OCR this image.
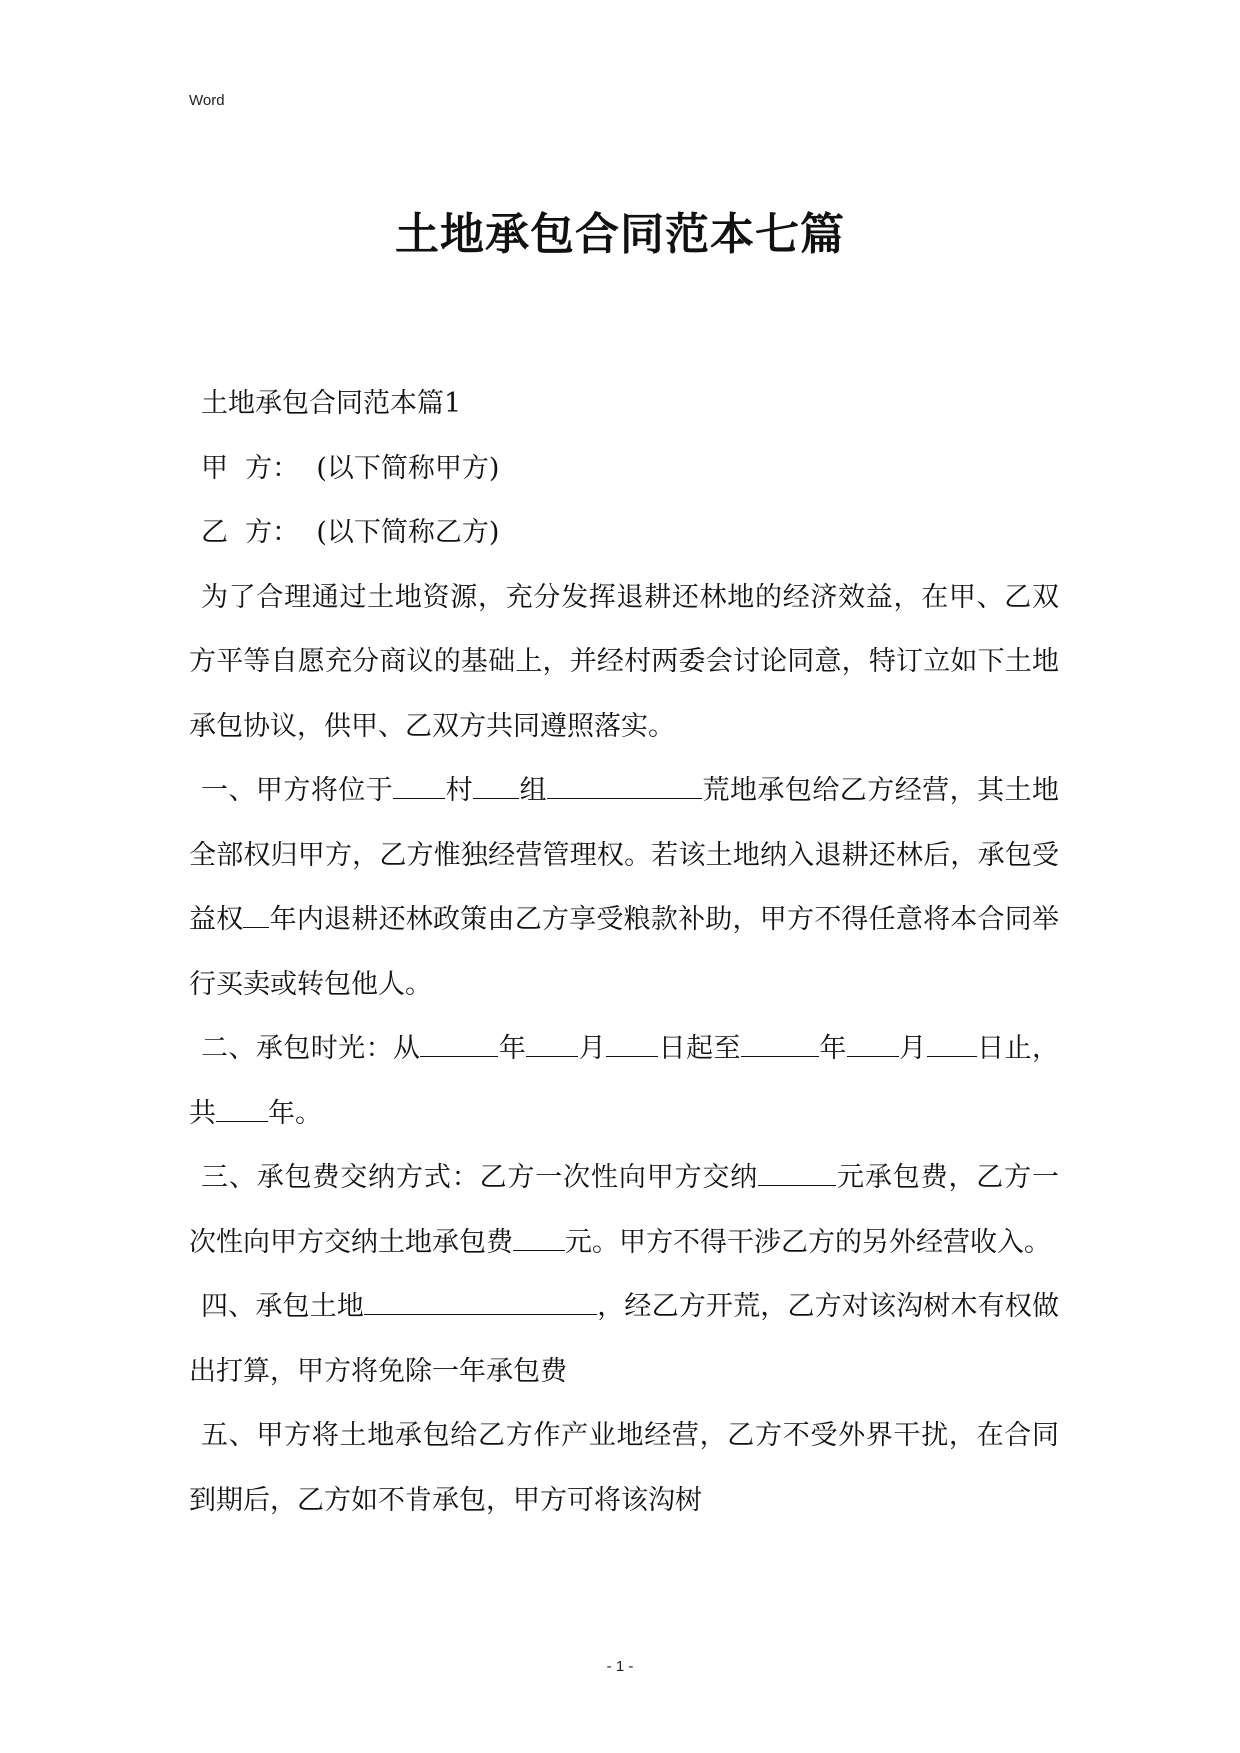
Word
土地承包合同范本七篇

土地承包合同范本篇1

甲  方：  (以下简称甲方)

乙  方：  (以下简称乙方)

为了合理通过土地资源，充分发挥退耕还林地的经济效益，在甲、乙双方平等自愿充分商议的基础上，并经村两委会讨论同意，特订立如下土地承包协议，供甲、乙双方共同遵照落实。

一、甲方将位于 村 组	荒地承包给乙方经营，其土地全部权归甲方，乙方惟独经营管理权。若该土地纳入退耕还林后，承包受益权 年内退耕还林政策由乙方享受粮款补助，甲方不得任意将本合同举行买卖或转包他人。

二、承包时光：从	年 月 日起至	年 月 日止，共 年。

三、承包费交纳方式：乙方一次性向甲方交纳	元承包费，乙方一次性向甲方交纳土地承包费 元。甲方不得干涉乙方的另外经营收入。

四、承包土地	，经乙方开荒，乙方对该沟树木有权做出打算，甲方将免除一年承包费

五、甲方将土地承包给乙方作产业地经营，乙方不受外界干扰，在合同到期后，乙方如不肯承包，甲方可将该沟树

- 1 -
